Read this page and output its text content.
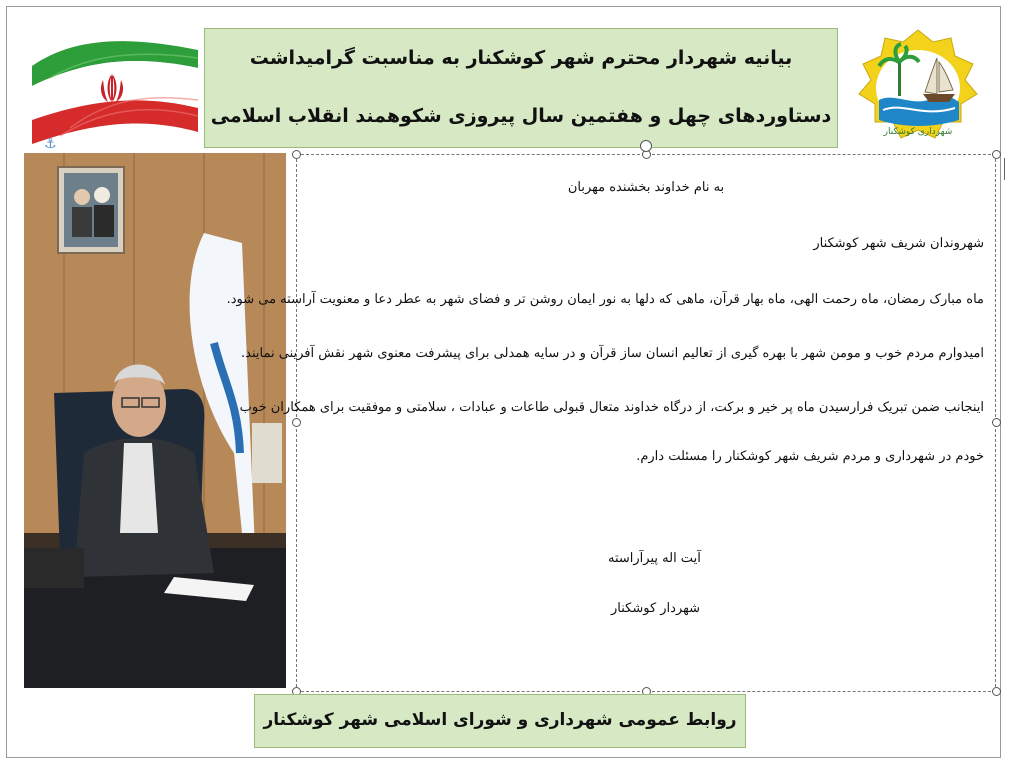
⚓
بیانیه شهردار محترم شهر کوشکنار به مناسبت گرامیداشت
دستاوردهای چهل و هفتمین سال پیروزی شکوهمند انقلاب اسلامی
شهرداری کوشکنار
به نام خداوند بخشنده مهربان
شهروندان شریف شهر کوشکنار
ماه مبارک رمضان، ماه رحمت الهی، ماه بهار قرآن، ماهی که دلها به نور ایمان روشن تر و فضای شهر به عطر دعا و معنویت آراسته می شود.
امیدوارم مردم خوب و مومن شهر با بهره گیری از تعالیم انسان ساز قرآن و در سایه همدلی برای پیشرفت معنوی شهر نقش آفرینی نمایند.
اینجانب ضمن تبریک فرارسیدن ماه پر خیر و برکت، از درگاه خداوند متعال قبولی طاعات و عبادات ، سلامتی و موفقیت برای همکاران خوب
خودم در شهرداری و مردم شریف شهر کوشکنار را مسئلت دارم.
آیت اله پیرآراسته
شهردار کوشکنار
روابط عمومی شهرداری و شورای اسلامی شهر کوشکنار
